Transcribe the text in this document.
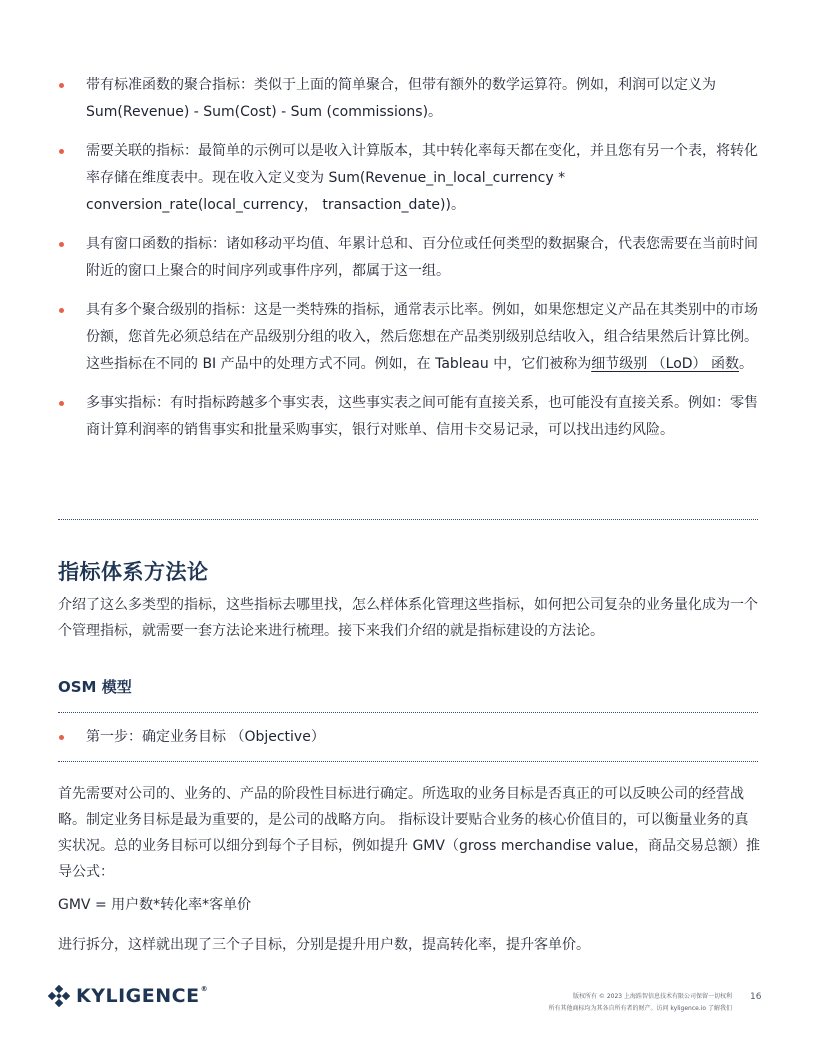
带有标准函数的聚合指标：类似于上面的简单聚合，但带有额外的数学运算符。例如，利润可以定义为 Sum(Revenue) - Sum(Cost) - Sum (commissions)。
需要关联的指标：最简单的示例可以是收入计算版本，其中转化率每天都在变化，并且您有另一个表，将转化率存储在维度表中。现在收入定义变为 Sum(Revenue_in_local_currency * conversion_rate(local_currency， transaction_date))。
具有窗口函数的指标：诸如移动平均值、年累计总和、百分位或任何类型的数据聚合，代表您需要在当前时间附近的窗口上聚合的时间序列或事件序列，都属于这一组。
具有多个聚合级别的指标：这是一类特殊的指标，通常表示比率。例如，如果您想定义产品在其类别中的市场份额，您首先必须总结在产品级别分组的收入，然后您想在产品类别级别总结收入，组合结果然后计算比例。这些指标在不同的 BI 产品中的处理方式不同。例如，在 Tableau 中，它们被称为细节级别 （LoD） 函数。
多事实指标：有时指标跨越多个事实表，这些事实表之间可能有直接关系，也可能没有直接关系。例如：零售商计算利润率的销售事实和批量采购事实，银行对账单、信用卡交易记录，可以找出违约风险。
指标体系方法论
介绍了这么多类型的指标，这些指标去哪里找，怎么样体系化管理这些指标，如何把公司复杂的业务量化成为一个个管理指标，就需要一套方法论来进行梳理。接下来我们介绍的就是指标建设的方法论。
OSM 模型
第一步：确定业务目标 （Objective）
首先需要对公司的、业务的、产品的阶段性目标进行确定。所选取的业务目标是否真正的可以反映公司的经营战略。制定业务目标是最为重要的，是公司的战略方向。 指标设计要贴合业务的核心价值目的，可以衡量业务的真实状况。总的业务目标可以细分到每个子目标，例如提升 GMV（gross merchandise value，商品交易总额）推导公式：
GMV = 用户数*转化率*客单价
进行拆分，这样就出现了三个子目标，分别是提升用户数，提高转化率，提升客单价。
KYLIGENCE®
版权所有 © 2023 上海跬智信息技术有限公司保留一切权利
所有其他商标均为其各自所有者的财产。访问 kyligence.io 了解我们
16
